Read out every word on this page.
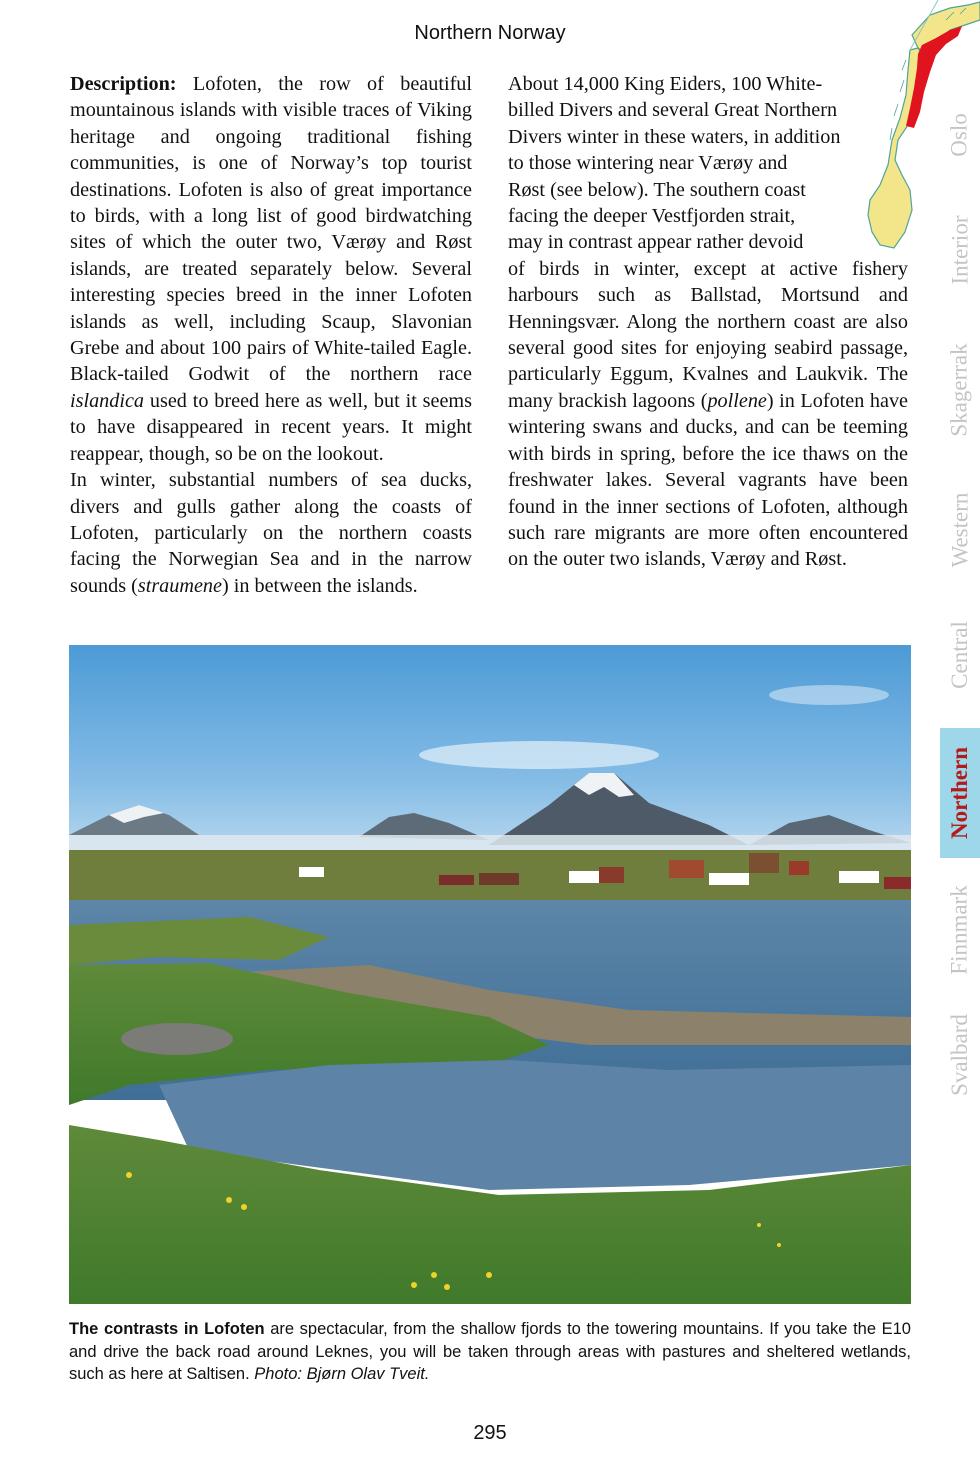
Northern Norway

Description: Lofoten, the row of beautiful mountainous islands with visible traces of Viking heritage and ongoing traditional fishing communities, is one of Norway’s top tourist destinations. Lofoten is also of great importance to birds, with a long list of good birdwatching sites of which the outer two, Værøy and Røst islands, are treated separately below. Several interesting species breed in the inner Lofoten islands as well, including Scaup, Slavonian Grebe and about 100 pairs of White-tailed Eagle. Black-tailed Godwit of the northern race islandica used to breed here as well, but it seems to have disappeared in recent years. It might reappear, though, so be on the lookout.

In winter, substantial numbers of sea ducks, divers and gulls gather along the coasts of Lofoten, particularly on the northern coasts facing the Norwegian Sea and in the narrow sounds (straumene) in between the islands.

About 14,000 King Eiders, 100 White-
billed Divers and several Great Northern
Divers winter in these waters, in addition
to those wintering near Værøy and
Røst (see below). The southern coast
facing the deeper Vestfjorden strait,
may in contrast appear rather devoid
of birds in winter, except at active fishery harbours such as Ballstad, Mortsund and Henningsvær. Along the northern coast are also several good sites for enjoying seabird passage, particularly Eggum, Kvalnes and Laukvik. The many brackish lagoons (pollene) in Lofoten have wintering swans and ducks, and can be teeming with birds in spring, before the ice thaws on the freshwater lakes. Several vagrants have been found in the inner sections of Lofoten, although such rare migrants are more often encountered on the outer two islands, Værøy and Røst.

The contrasts in Lofoten are spectacular, from the shallow fjords to the towering mountains. If you take the E10 and drive the back road around Leknes, you will be taken through areas with pastures and sheltered wetlands, such as here at Saltisen. Photo: Bjørn Olav Tveit.
Oslo
Interior
Skagerrak
Western
Central
Northern
Finnmark
Svalbard
295
